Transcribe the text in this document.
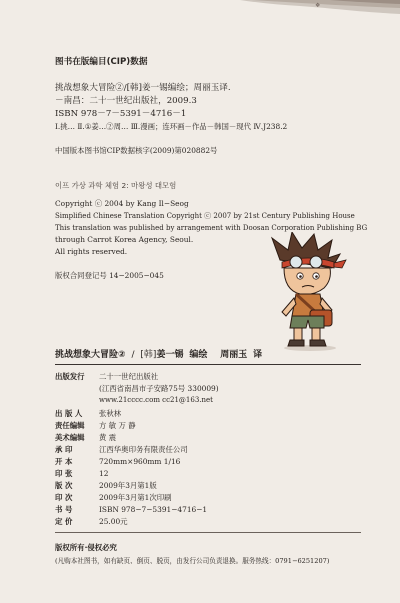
❖
图书在版编目(CIP)数据
挑战想象大冒险②/[韩]姜一锡编绘；周丽玉译.
－南昌：二十一世纪出版社，2009.3
ISBN 978－7－5391－4716－1
Ⅰ.挑… Ⅱ.①姜…②周… Ⅲ.漫画；连环画－作品－韩国－现代 Ⅳ.J238.2
中国版本图书馆CIP数据核字(2009)第020882号
이프 가상 과학 체험 2: 마왕성 대모험
Copyright ⓒ 2004 by Kang Il−Seog
Simplified Chinese Translation Copyright ⓒ 2007 by 21st Century Publishing House
This translation was published by arrangement with Doosan Corporation Publishing BG
through Carrot Korea Agency, Seoul.
All rights reserved.
版权合同登记号 14−2005−045
挑战想象大冒险② / [韩]姜一锡 编绘 周丽玉 译
出版发行 二十一世纪出版社
(江西省南昌市子安路75号 330009)
www.21cccc.com cc21@163.net
出 版 人 张秋林
责任编辑 方 敏 万 静
美术编辑 黄 震
承 印	江西华奥印务有限责任公司
开 本	720mm×960mm 1/16
印 张	12
版 次	2009年3月第1版
印 次	2009年3月第1次印刷
书 号	ISBN 978−7−5391−4716−1
定 价	25.00元
版权所有·侵权必究
(凡购本社图书，如有缺页、倒页、脱页，由发行公司负责退换。服务热线：0791−6251207)
